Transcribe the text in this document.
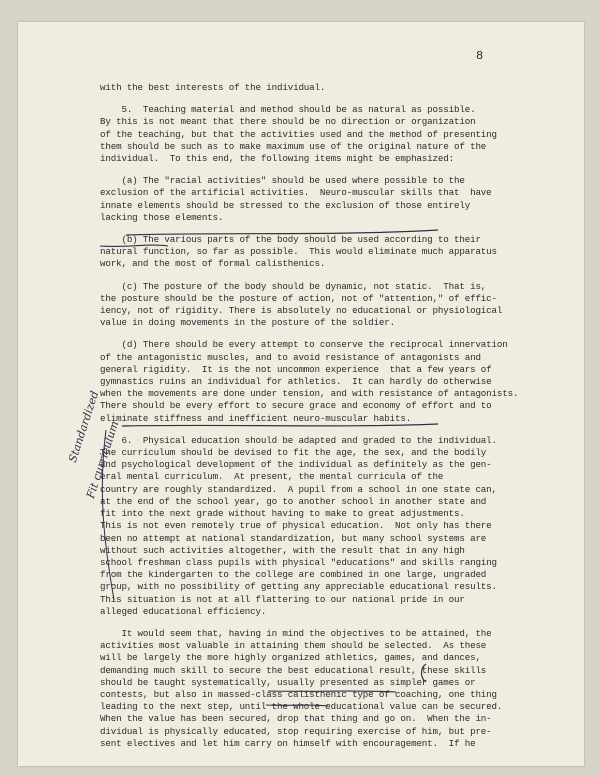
8

with the best interests of the individual.

5.  Teaching material and method should be as natural as possible.
By this is not meant that there should be no direction or organization
of the teaching, but that the activities used and the method of presenting
them should be such as to make maximum use of the original nature of the
individual.  To this end, the following items might be emphasized:

(a) The "racial activities" should be used where possible to the
exclusion of the artificial activities.  Neuro-muscular skills that  have
innate elements should be stressed to the exclusion of those entirely
lacking those elements.

(b) The various parts of the body should be used according to their
natural function, so far as possible.  This would eliminate much apparatus
work, and the most of formal calisthenics.

(c) The posture of the body should be dynamic, not static.  That is,
the posture should be the posture of action, not of "attention," of effic-
iency, not of rigidity. There is absolutely no educational or physiological
value in doing movements in the posture of the soldier.

(d) There should be every attempt to conserve the reciprocal innervation
of the antagonistic muscles, and to avoid resistance of antagonists and
general rigidity.  It is the not uncommon experience  that a few years of
gymnastics ruins an individual for athletics.  It can hardly do otherwise
when the movements are done under tension, and with resistance of antagonists.
There should be every effort to secure grace and economy of effort and to
eliminate stiffness and inefficient neuro-muscular habits.

6.  Physical education should be adapted and graded to the individual.
The curriculum should be devised to fit the age, the sex, and the bodily
and psychological development of the individual as definitely as the gen-
eral mental curriculum.  At present, the mental curricula of the
country are roughly standardized.  A pupil from a school in one state can,
at the end of the school year, go to another school in another state and
fit into the next grade without having to make to great adjustments.
This is not even remotely true of physical education.  Not only has there
been no attempt at national standardization, but many school systems are
without such activities altogether, with the result that in any high
school freshman class pupils with physical "educations" and skills ranging
from the kindergarten to the college are combined in one large, ungraded
group, with no possibility of getting any appreciable educational results.
This situation is not at all flattering to our national pride in our
alleged educational efficiency.

It would seem that, having in mind the objectives to be attained, the
activities most valuable in attaining them should be selected.  As these
will be largely the more highly organized athletics, games, and dances,
demanding much skill to secure the best educational result, these skills
should be taught systematically, usually presented as simpler games or
contests, but also in massed-class calisthenic type of coaching, one thing
leading to the next step, until the whole educational value can be secured.
When the value has been secured, drop that thing and go on.  When the in-
dividual is physically educated, stop requiring exercise of him, but pre-
sent electives and let him carry on himself with encouragement.  If he

Standardized
Fit curriculum
